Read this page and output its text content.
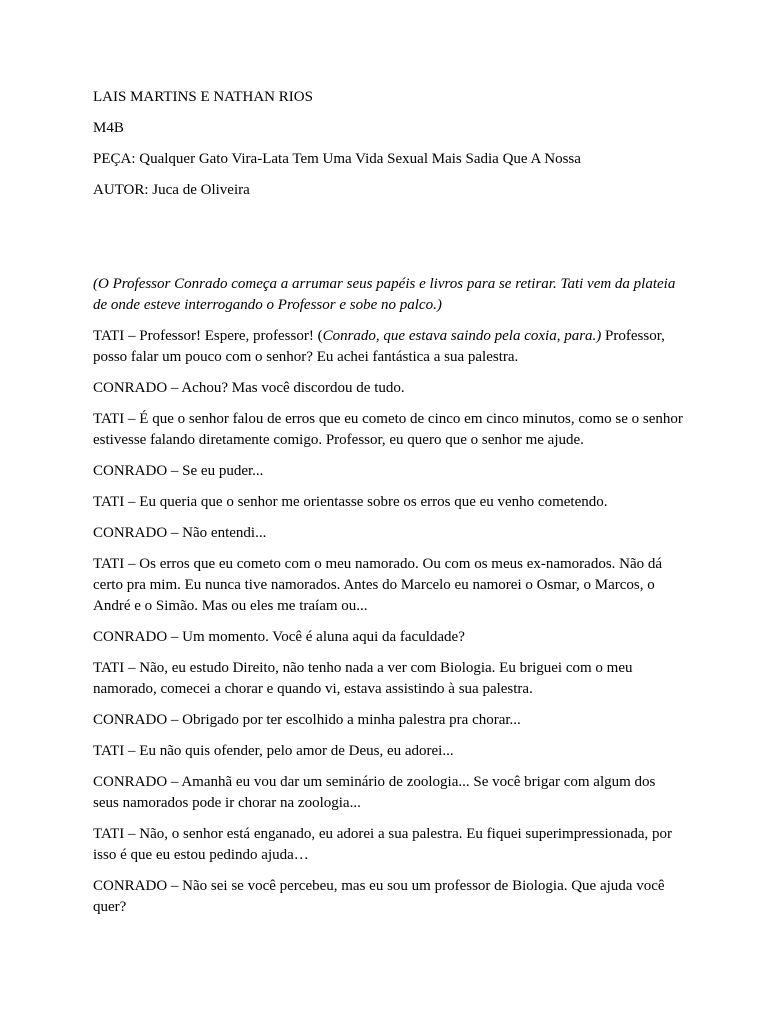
LAIS MARTINS E NATHAN RIOS

M4B

PEÇA: Qualquer Gato Vira-Lata Tem Uma Vida Sexual Mais Sadia Que A Nossa

AUTOR: Juca de Oliveira

(O Professor Conrado começa a arrumar seus papéis e livros para se retirar. Tati vem da plateia de onde esteve interrogando o Professor e sobe no palco.)

TATI – Professor! Espere, professor! (Conrado, que estava saindo pela coxia, para.) Professor, posso falar um pouco com o senhor? Eu achei fantástica a sua palestra.

CONRADO – Achou? Mas você discordou de tudo.

TATI – É que o senhor falou de erros que eu cometo de cinco em cinco minutos, como se o senhor estivesse falando diretamente comigo. Professor, eu quero que o senhor me ajude.

CONRADO – Se eu puder...

TATI – Eu queria que o senhor me orientasse sobre os erros que eu venho cometendo.

CONRADO – Não entendi...

TATI – Os erros que eu cometo com o meu namorado. Ou com os meus ex-namorados. Não dá certo pra mim. Eu nunca tive namorados. Antes do Marcelo eu namorei o Osmar, o Marcos, o André e o Simão. Mas ou eles me traíam ou...

CONRADO – Um momento. Você é aluna aqui da faculdade?

TATI – Não, eu estudo Direito, não tenho nada a ver com Biologia. Eu briguei com o meu namorado, comecei a chorar e quando vi, estava assistindo à sua palestra.

CONRADO – Obrigado por ter escolhido a minha palestra pra chorar...

TATI – Eu não quis ofender, pelo amor de Deus, eu adorei...

CONRADO – Amanhã eu vou dar um seminário de zoologia... Se você brigar com algum dos seus namorados pode ir chorar na zoologia...

TATI – Não, o senhor está enganado, eu adorei a sua palestra. Eu fiquei superimpressionada, por isso é que eu estou pedindo ajuda…

CONRADO – Não sei se você percebeu, mas eu sou um professor de Biologia. Que ajuda você quer?
